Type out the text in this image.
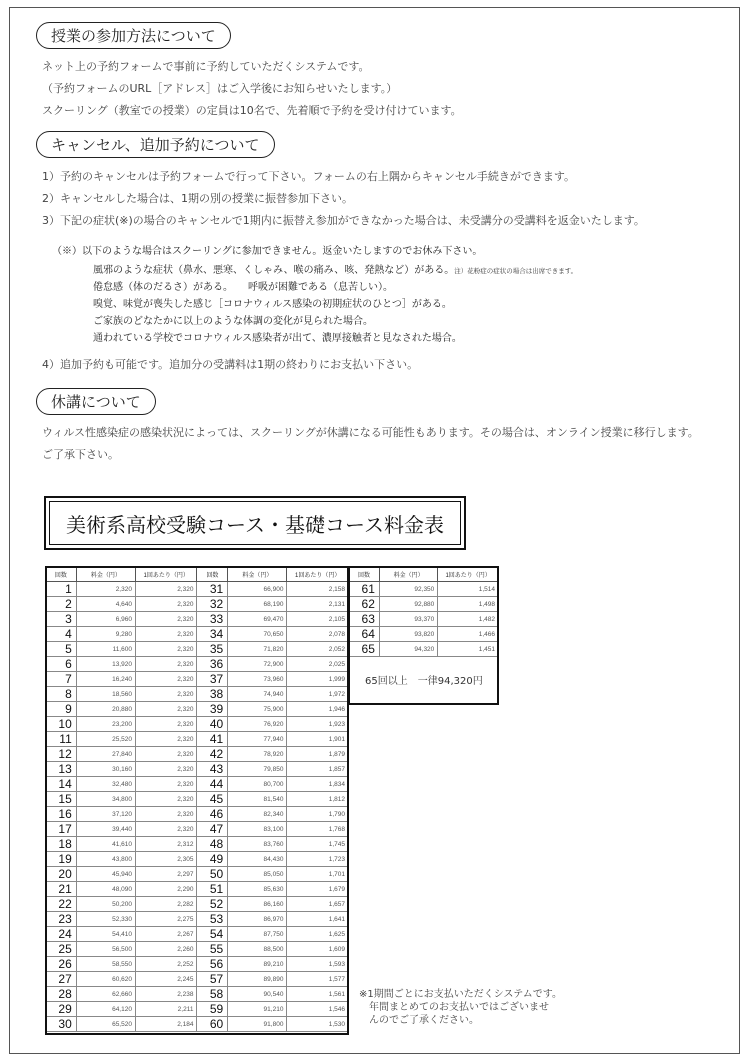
授業の参加方法について
ネット上の予約フォームで事前に予約していただくシステムです。
（予約フォームのURL［アドレス］はご入学後にお知らせいたします。）
スクーリング（教室での授業）の定員は10名で、先着順で予約を受け付けています。
キャンセル、追加予約について
1）予約のキャンセルは予約フォームで行って下さい。フォームの右上隅からキャンセル手続きができます。
2）キャンセルした場合は、1期の別の授業に振替参加下さい。
3）下記の症状(※)の場合のキャンセルで1期内に振替え参加ができなかった場合は、未受講分の受講料を返金いたします。
（※）以下のような場合はスクーリングに参加できません。返金いたしますのでお休み下さい。
風邪のような症状（鼻水、悪寒、くしゃみ、喉の痛み、咳、発熱など）がある。注）花粉症の症状の場合は出席できます。
倦怠感（体のだるさ）がある。　　呼吸が困難である（息苦しい）。
嗅覚、味覚が喪失した感じ［コロナウィルス感染の初期症状のひとつ］がある。
ご家族のどなたかに以上のような体調の変化が見られた場合。
通われている学校でコロナウィルス感染者が出て、濃厚接触者と見なされた場合。
4）追加予約も可能です。追加分の受講料は1期の終わりにお支払い下さい。
休講について
ウィルス性感染症の感染状況によっては、スクーリングが休講になる可能性もあります。その場合は、オンライン授業に移行します。
ご了承下さい。
美術系高校受験コース・基礎コース料金表
回数	料金（円）	1回あたり（円）	回数	料金（円）	1回あたり（円）
1	2,320	2,320	31	66,900	2,158
2	4,640	2,320	32	68,190	2,131
3	6,960	2,320	33	69,470	2,105
4	9,280	2,320	34	70,650	2,078
5	11,600	2,320	35	71,820	2,052
6	13,920	2,320	36	72,900	2,025
7	16,240	2,320	37	73,960	1,999
8	18,560	2,320	38	74,940	1,972
9	20,880	2,320	39	75,900	1,946
10	23,200	2,320	40	76,920	1,923
11	25,520	2,320	41	77,940	1,901
12	27,840	2,320	42	78,920	1,879
13	30,160	2,320	43	79,850	1,857
14	32,480	2,320	44	80,700	1,834
15	34,800	2,320	45	81,540	1,812
16	37,120	2,320	46	82,340	1,790
17	39,440	2,320	47	83,100	1,768
18	41,610	2,312	48	83,760	1,745
19	43,800	2,305	49	84,430	1,723
20	45,940	2,297	50	85,050	1,701
21	48,090	2,290	51	85,630	1,679
22	50,200	2,282	52	86,160	1,657
23	52,330	2,275	53	86,970	1,641
24	54,410	2,267	54	87,750	1,625
25	56,500	2,260	55	88,500	1,609
26	58,550	2,252	56	89,210	1,593
27	60,620	2,245	57	89,890	1,577
28	62,660	2,238	58	90,540	1,561
29	64,120	2,211	59	91,210	1,546
30	65,520	2,184	60	91,800	1,530
回数	料金（円）	1回あたり（円）
61	92,350	1,514
62	92,880	1,498
63	93,370	1,482
64	93,820	1,466
65	94,320	1,451
65回以上　一律94,320円
※1期間ごとにお支払いただくシステムです。
　年間まとめてのお支払いではございませ
　んのでご了承ください。
